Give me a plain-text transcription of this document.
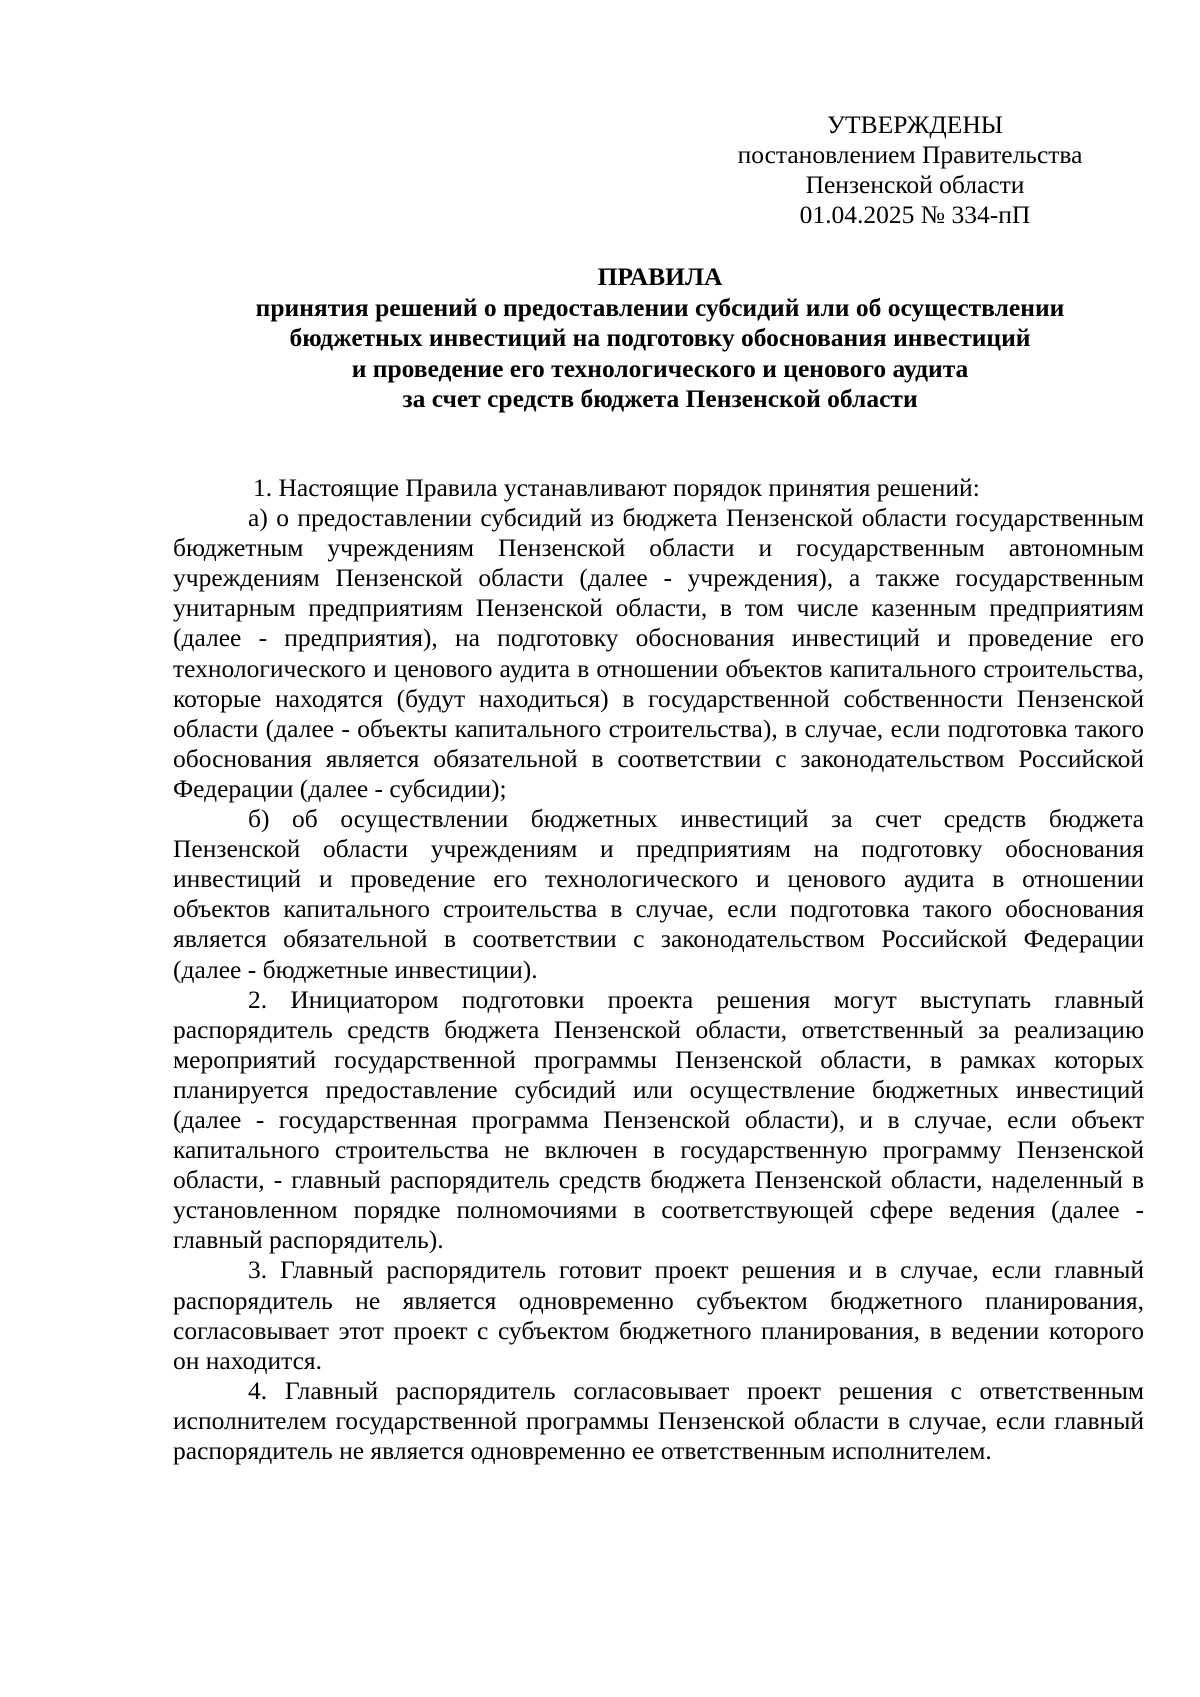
УТВЕРЖДЕНЫ
постановлением Правительства
Пензенской области
01.04.2025 № 334-пП
ПРАВИЛА
принятия решений о предоставлении субсидий или об осуществлении
бюджетных инвестиций на подготовку обоснования инвестиций
и проведение его технологического и ценового аудита
за счет средств бюджета Пензенской области

1. Настоящие Правила устанавливают порядок принятия решений:

а) о предоставлении субсидий из бюджета Пензенской области государственным бюджетным учреждениям Пензенской области и государственным автономным учреждениям Пензенской области (далее - учреждения), а также государственным унитарным предприятиям Пензенской области, в том числе казенным предприятиям (далее - предприятия), на подготовку обоснования инвестиций и проведение его технологического и ценового аудита в отношении объектов капитального строительства, которые находятся (будут находиться) в государственной собственности Пензенской области (далее - объекты капитального строительства), в случае, если подготовка такого обоснования является обязательной в соответствии с законодательством Российской Федерации (далее - субсидии);

б) об осуществлении бюджетных инвестиций за счет средств бюджета Пензенской области учреждениям и предприятиям на подготовку обоснования инвестиций и проведение его технологического и ценового аудита в отношении объектов капитального строительства в случае, если подготовка такого обоснования является обязательной в соответствии с законодательством Российской Федерации (далее - бюджетные инвестиции).

2. Инициатором подготовки проекта решения могут выступать главный распорядитель средств бюджета Пензенской области, ответственный за реализацию мероприятий государственной программы Пензенской области, в рамках которых планируется предоставление субсидий или осуществление бюджетных инвестиций (далее - государственная программа Пензенской области), и в случае, если объект капитального строительства не включен в государственную программу Пензенской области, - главный распорядитель средств бюджета Пензенской области, наделенный в установленном порядке полномочиями в соответствующей сфере ведения (далее - главный распорядитель).

3. Главный распорядитель готовит проект решения и в случае, если главный распорядитель не является одновременно субъектом бюджетного планирования, согласовывает этот проект с субъектом бюджетного планирования, в ведении которого он находится.

4. Главный распорядитель согласовывает проект решения с ответственным исполнителем государственной программы Пензенской области в случае, если главный распорядитель не является одновременно ее ответственным исполнителем.
